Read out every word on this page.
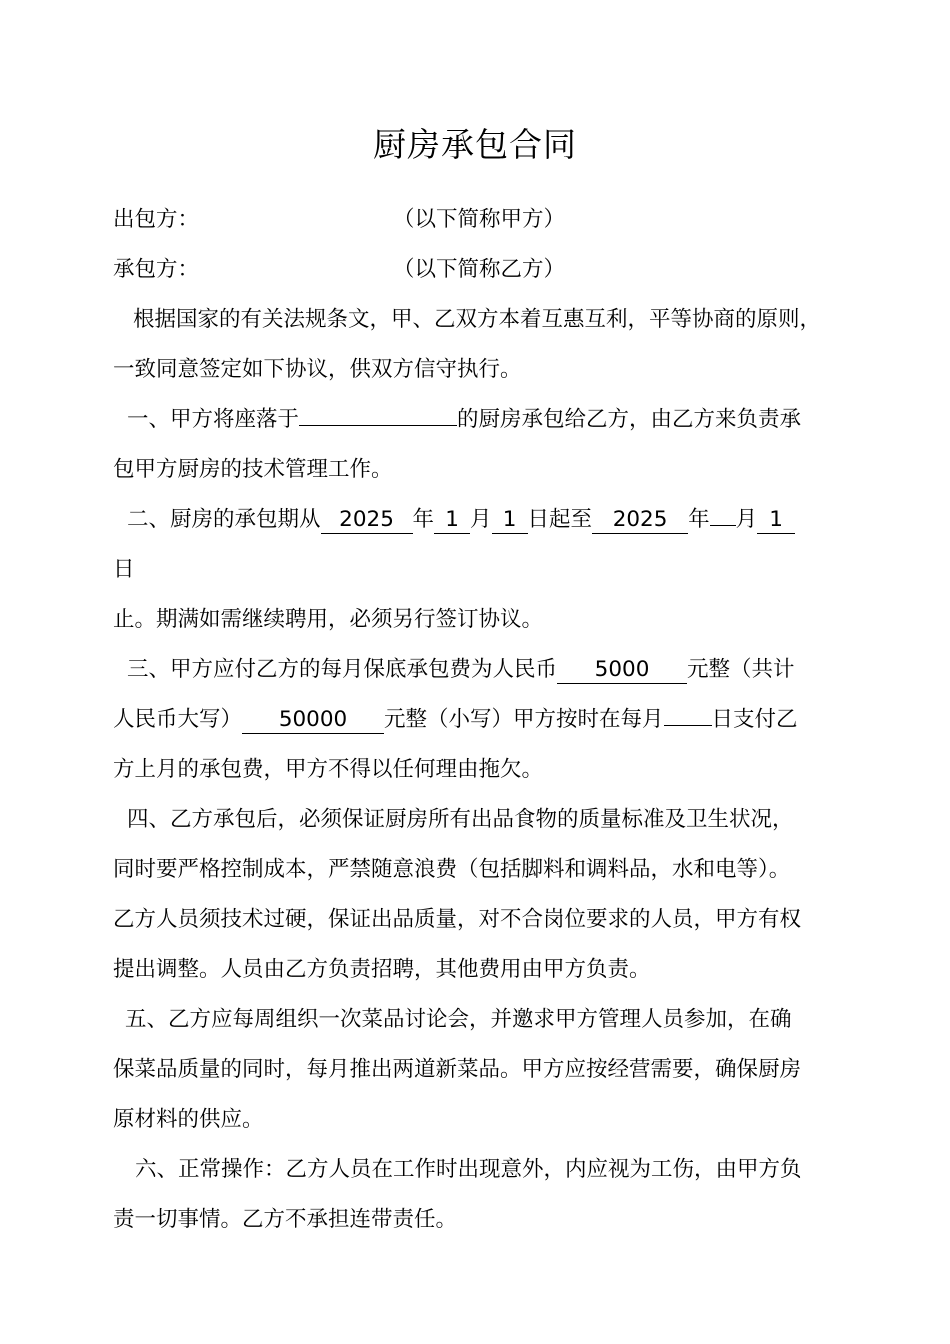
厨房承包合同
出包方：	（以下简称甲方）
承包方：	（以下简称乙方）
根据国家的有关法规条文，甲、乙双方本着互惠互利，平等协商的原则，
一致同意签定如下协议，供双方信守执行。
一、甲方将座落于	的厨房承包给乙方，由乙方来负责承
包甲方厨房的技术管理工作。
二、厨房的承包期从 2025 年 1 月 1 日起至 2025 年 月 1
日
止。期满如需继续聘用，必须另行签订协议。
三、甲方应付乙方的每月保底承包费为人民币 5000 元整（共计
人民币大写） 50000 元整（小写）甲方按时在每月 日支付乙
方上月的承包费，甲方不得以任何理由拖欠。
四、乙方承包后，必须保证厨房所有出品食物的质量标准及卫生状况，
同时要严格控制成本，严禁随意浪费（包括脚料和调料品，水和电等）。
乙方人员须技术过硬，保证出品质量，对不合岗位要求的人员，甲方有权
提出调整。人员由乙方负责招聘，其他费用由甲方负责。
五、乙方应每周组织一次菜品讨论会，并邀求甲方管理人员参加，在确
保菜品质量的同时，每月推出两道新菜品。甲方应按经营需要，确保厨房
原材料的供应。
六、正常操作：乙方人员在工作时出现意外，内应视为工伤，由甲方负
责一切事情。乙方不承担连带责任。
